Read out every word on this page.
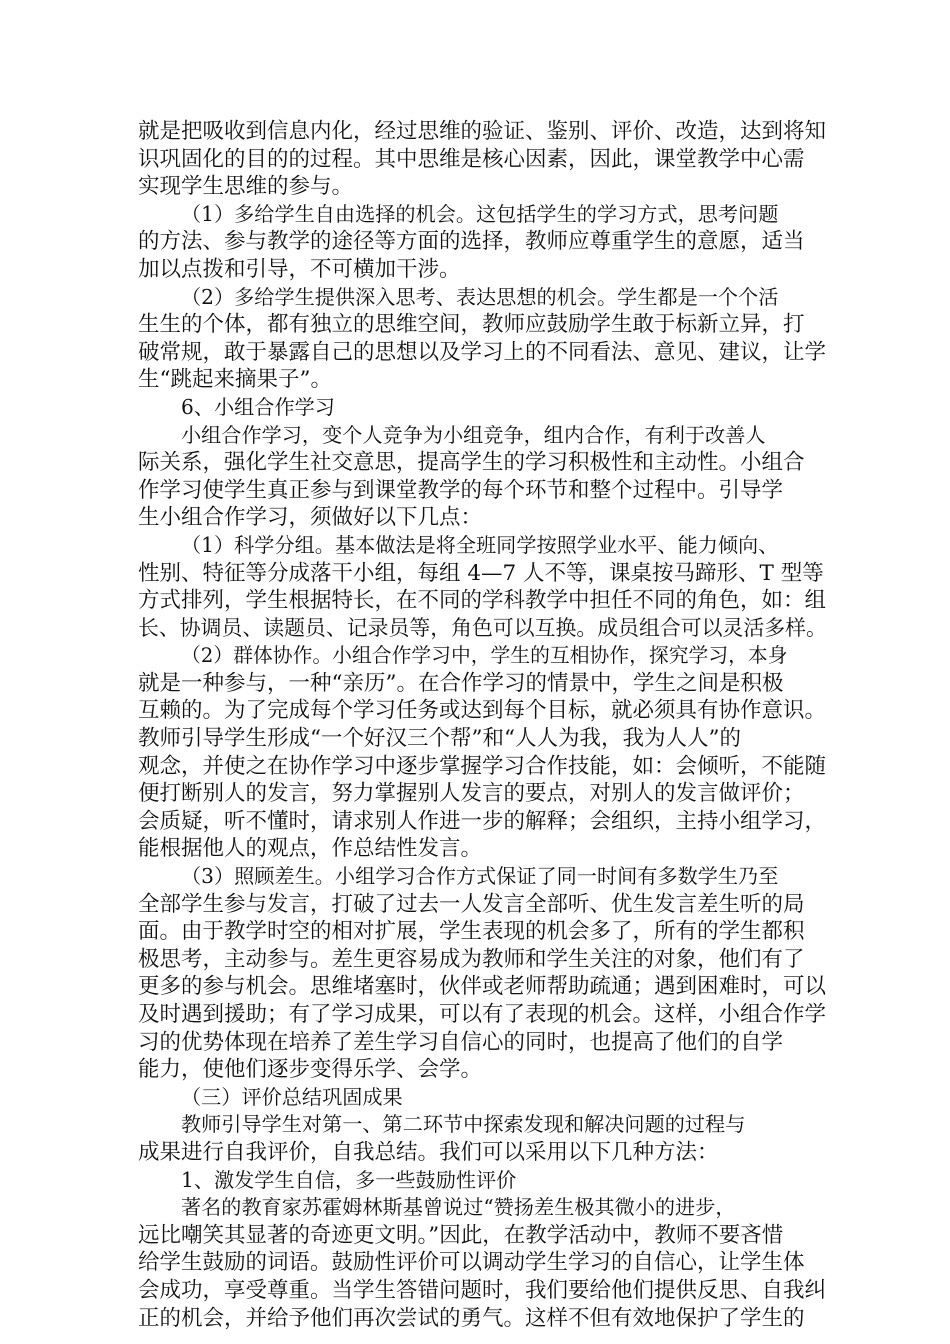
就是把吸收到信息内化，经过思维的验证、鉴别、评价、改造，达到将知
识巩固化的目的的过程。其中思维是核心因素，因此，课堂教学中心需
实现学生思维的参与。
（1）多给学生自由选择的机会。这包括学生的学习方式，思考问题
的方法、参与教学的途径等方面的选择，教师应尊重学生的意愿，适当
加以点拨和引导，不可横加干涉。
（2）多给学生提供深入思考、表达思想的机会。学生都是一个个活
生生的个体，都有独立的思维空间，教师应鼓励学生敢于标新立异，打
破常规，敢于暴露自己的思想以及学习上的不同看法、意见、建议，让学
生“跳起来摘果子”。
6、小组合作学习
小组合作学习，变个人竞争为小组竞争，组内合作，有利于改善人
际关系，强化学生社交意思，提高学生的学习积极性和主动性。小组合
作学习使学生真正参与到课堂教学的每个环节和整个过程中。引导学
生小组合作学习，须做好以下几点：
（1）科学分组。基本做法是将全班同学按照学业水平、能力倾向、
性别、特征等分成落干小组，每组 4—7 人不等，课桌按马蹄形、T 型等
方式排列，学生根据特长，在不同的学科教学中担任不同的角色，如：组
长、协调员、读题员、记录员等，角色可以互换。成员组合可以灵活多样。
（2）群体协作。小组合作学习中，学生的互相协作，探究学习，本身
就是一种参与，一种“亲历”。在合作学习的情景中，学生之间是积极
互赖的。为了完成每个学习任务或达到每个目标，就必须具有协作意识。
教师引导学生形成“一个好汉三个帮”和“人人为我，我为人人”的
观念，并使之在协作学习中逐步掌握学习合作技能，如：会倾听，不能随
便打断别人的发言，努力掌握别人发言的要点，对别人的发言做评价；
会质疑，听不懂时，请求别人作进一步的解释；会组织，主持小组学习，
能根据他人的观点，作总结性发言。
（3）照顾差生。小组学习合作方式保证了同一时间有多数学生乃至
全部学生参与发言，打破了过去一人发言全部听、优生发言差生听的局
面。由于教学时空的相对扩展，学生表现的机会多了，所有的学生都积
极思考，主动参与。差生更容易成为教师和学生关注的对象，他们有了
更多的参与机会。思维堵塞时，伙伴或老师帮助疏通；遇到困难时，可以
及时遇到援助；有了学习成果，可以有了表现的机会。这样，小组合作学
习的优势体现在培养了差生学习自信心的同时，也提高了他们的自学
能力，使他们逐步变得乐学、会学。
（三）评价总结巩固成果
教师引导学生对第一、第二环节中探索发现和解决问题的过程与
成果进行自我评价，自我总结。我们可以采用以下几种方法：
1、激发学生自信，多一些鼓励性评价
著名的教育家苏霍姆林斯基曾说过“赞扬差生极其微小的进步，
远比嘲笑其显著的奇迹更文明。”因此，在教学活动中，教师不要吝惜
给学生鼓励的词语。鼓励性评价可以调动学生学习的自信心，让学生体
会成功，享受尊重。当学生答错问题时，我们要给他们提供反思、自我纠
正的机会，并给予他们再次尝试的勇气。这样不但有效地保护了学生的
